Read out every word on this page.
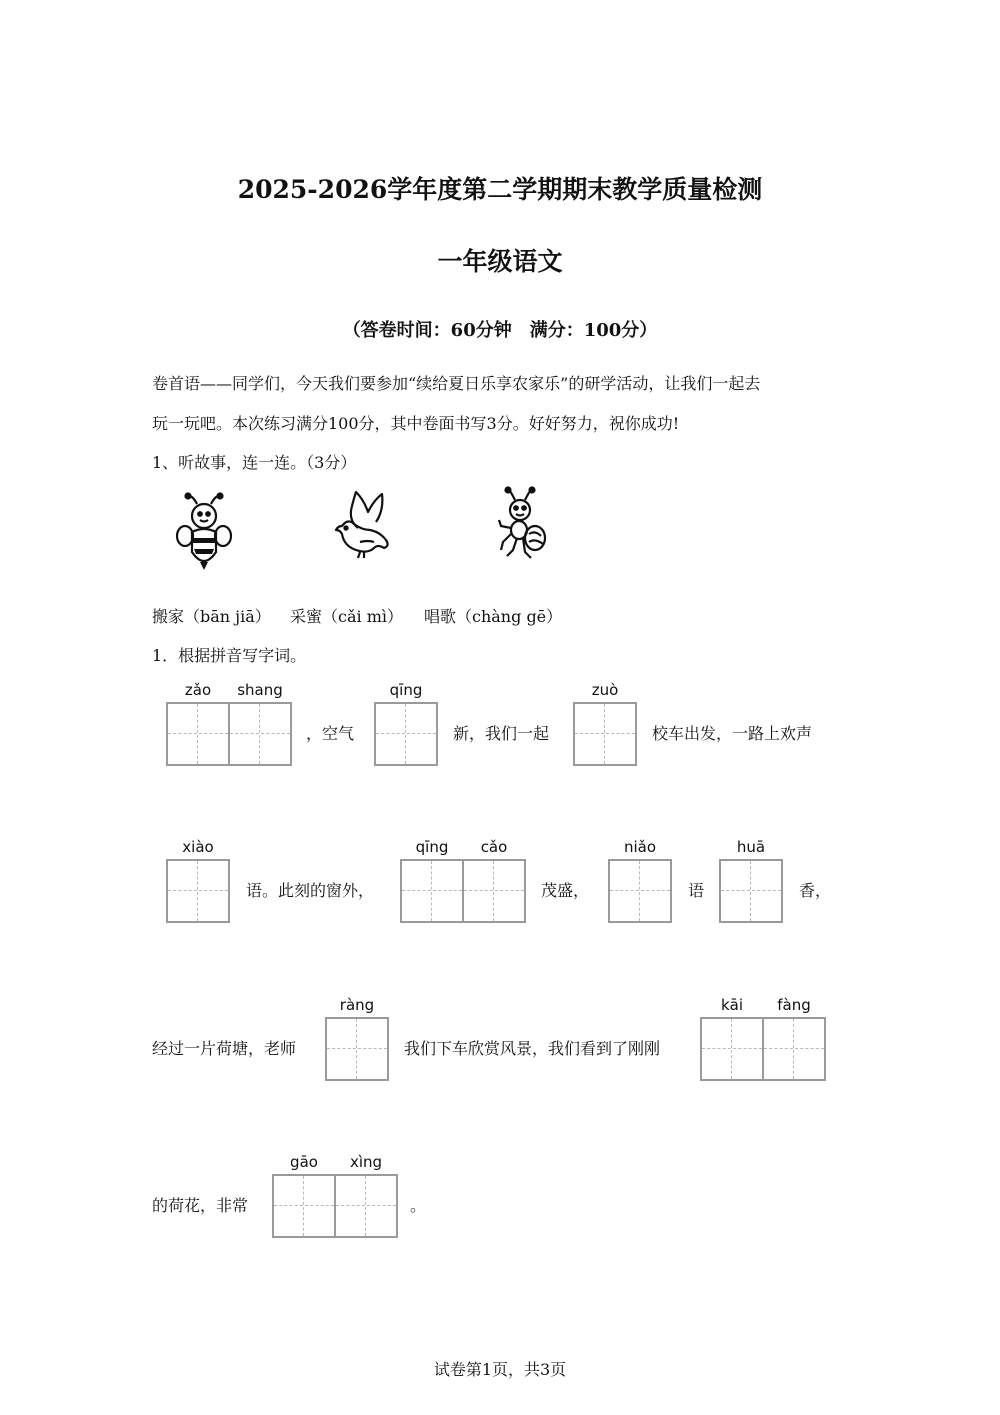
2025-2026学年度第二学期期末教学质量检测
一年级语文
（答卷时间：60分钟　满分：100分）
卷首语——同学们，今天我们要参加“续给夏日乐享农家乐”的研学活动，让我们一起去
玩一玩吧。本次练习满分100分，其中卷面书写3分。好好努力，祝你成功!
1、听故事，连一连。（3分）
搬家（bān jiā） 采蜜（cǎi mì） 唱歌（chàng gē）
1．根据拼音写字词。
zǎo	shang
，空气
qīng
新，我们一起
zuò
校车出发，一路上欢声
xiào
语。此刻的窗外，
qīng	cǎo
茂盛，
niǎo
语
huā
香，
经过一片荷塘，老师
ràng
我们下车欣赏风景，我们看到了刚刚
kāi	fàng
的荷花，非常
gāo	xìng
。
试卷第1页，共3页
